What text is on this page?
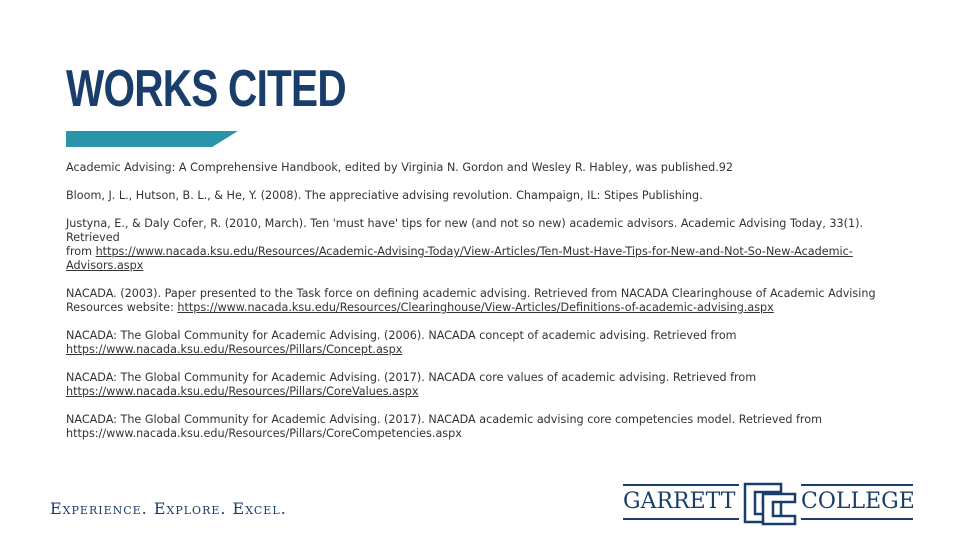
WORKS CITED

Academic Advising: A Comprehensive Handbook, edited by Virginia N. Gordon and Wesley R. Habley, was published.92

Bloom, J. L., Hutson, B. L., & He, Y. (2008). The appreciative advising revolution. Champaign, IL: Stipes Publishing.

Justyna, E., & Daly Cofer, R. (2010, March). Ten 'must have' tips for new (and not so new) academic advisors. Academic Advising Today, 33(1). Retrieved
from https://www.nacada.ksu.edu/Resources/Academic-Advising-Today/View-Articles/Ten-Must-Have-Tips-for-New-and-Not-So-New-Academic-Advisors.aspx

NACADA. (2003). Paper presented to the Task force on defining academic advising. Retrieved from NACADA Clearinghouse of Academic Advising
Resources website: https://www.nacada.ksu.edu/Resources/Clearinghouse/View-Articles/Definitions-of-academic-advising.aspx

NACADA: The Global Community for Academic Advising. (2006). NACADA concept of academic advising. Retrieved from
https://www.nacada.ksu.edu/Resources/Pillars/Concept.aspx

NACADA: The Global Community for Academic Advising. (2017). NACADA core values of academic advising. Retrieved from
https://www.nacada.ksu.edu/Resources/Pillars/CoreValues.aspx

NACADA: The Global Community for Academic Advising. (2017). NACADA academic advising core competencies model. Retrieved from
https://www.nacada.ksu.edu/Resources/Pillars/CoreCompetencies.aspx

Experience. Explore. Excel.	GARRETT	COLLEGE
